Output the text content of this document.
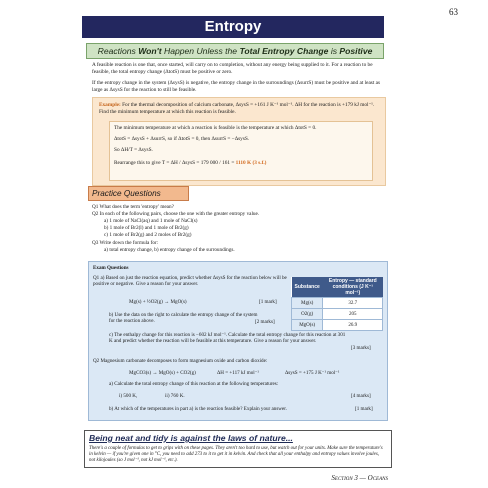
63
Entropy
Reactions Won't Happen Unless the Total Entropy Change is Positive
A feasible reaction is one that, once started, will carry on to completion, without any energy being supplied to it. For a reaction to be feasible, the total entropy change (ΔtotS) must be positive or zero.
If the entropy change in the system (ΔsysS) is negative, the entropy change in the surroundings (ΔsurrS) must be positive and at least as large as ΔsysS for the reaction to still be feasible.
Example: For the thermal decomposition of calcium carbonate, ΔsysS = +161 J K⁻¹ mol⁻¹. ΔH for the reaction is +179 kJ mol⁻¹. Find the minimum temperature at which this reaction is feasible.
The minimum temperature at which a reaction is feasible is the temperature at which ΔtotS = 0.
ΔtotS = ΔsysS + ΔsurrS, so if ΔtotS = 0, then ΔsurrS = −ΔsysS.
So ΔH/T = ΔsysS.
Rearrange this to give T = ΔH / ΔsysS = 179 000 / 161 = 1110 K (3 s.f.)
Practice Questions
Q1 What does the term 'entropy' mean?
Q2 In each of the following pairs, choose the one with the greater entropy value.
a) 1 mole of NaCl(aq) and 1 mole of NaCl(s)
b) 1 mole of Br2(l) and 1 mole of Br2(g)
c) 1 mole of Br2(g) and 2 moles of Br2(g)
Q3 Write down the formula for:
a) total entropy change, b) entropy change of the surroundings.
Exam Questions
Q1 a) Based on just the reaction equation, predict whether ΔsysS for the reaction below will be positive or negative. Give a reason for your answer.
Mg(s) + ½O2(g) → MgO(s)	[1 mark]
b) Use the data on the right to calculate the entropy change of the system for the reaction above.	[2 marks]
c) The enthalpy change for this reaction is −602 kJ mol⁻¹. Calculate the total entropy change for this reaction at 301 K and predict whether the reaction will be feasible at this temperature. Give a reason for your answer.
[3 marks]
Q2 Magnesium carbonate decomposes to form magnesium oxide and carbon dioxide:
MgCO3(s) → MgO(s) + CO2(g)	ΔH = +117 kJ mol⁻¹	ΔsysS = +175 J K⁻¹ mol⁻¹
a) Calculate the total entropy change of this reaction at the following temperatures:
i) 500 K,	ii) 760 K.	[4 marks]
b) At which of the temperatures in part a) is the reaction feasible? Explain your answer.	[1 mark]
Substance	Entropy — standard conditions (J K⁻¹ mol⁻¹)
Mg(s)	32.7
O2(g)	205
MgO(s)	26.9
Being neat and tidy is against the laws of nature...
There's a couple of formulas to get to grips with on these pages. They aren't too hard to use, but watch out for your units. Make sure the temperature's in kelvin — if you're given one in °C, you need to add 273 to it to get it in kelvin. And check that all your enthalpy and entropy values involve joules, not kilojoules (so J mol⁻¹, not kJ mol⁻¹, etc.).
Section 3 — Oceans
